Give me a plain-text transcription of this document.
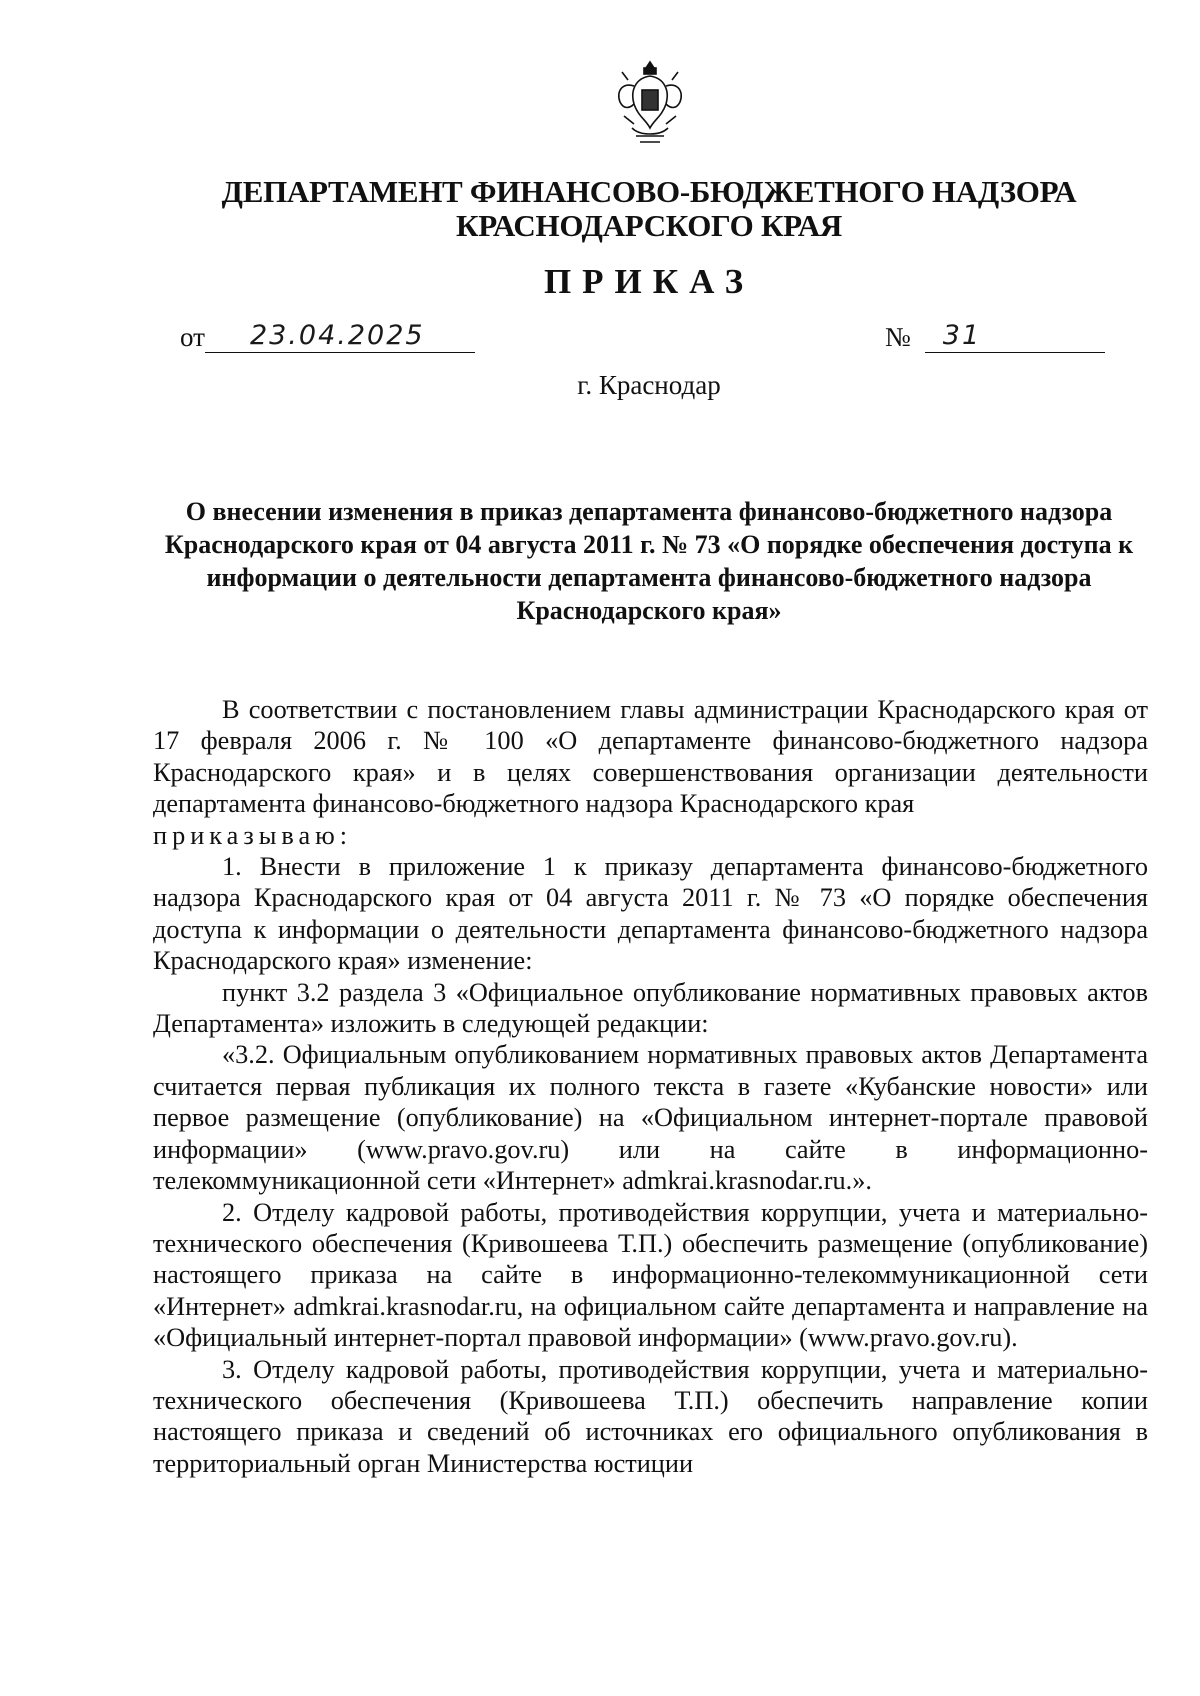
ДЕПАРТАМЕНТ ФИНАНСОВО-БЮДЖЕТНОГО НАДЗОРА
КРАСНОДАРСКОГО КРАЯ
ПРИКАЗ
от 23.04.2025	№ 31
г. Краснодар
О внесении изменения в приказ департамента финансово-бюджетного надзора Краснодарского края от 04 августа 2011 г. № 73 «О порядке обеспечения доступа к информации о деятельности департамента финансово-бюджетного надзора Краснодарского края»

В соответствии с постановлением главы администрации Краснодарского края от 17 февраля 2006 г. № 100 «О департаменте финансово-бюджетного надзора Краснодарского края» и в целях совершенствования организации деятельности департамента финансово-бюджетного надзора Краснодарского края

приказываю:

1. Внести в приложение 1 к приказу департамента финансово-бюджетного надзора Краснодарского края от 04 августа 2011 г. № 73 «О порядке обеспечения доступа к информации о деятельности департамента финансово-бюджетного надзора Краснодарского края» изменение:

пункт 3.2 раздела 3 «Официальное опубликование нормативных правовых актов Департамента» изложить в следующей редакции:

«3.2. Официальным опубликованием нормативных правовых актов Департамента считается первая публикация их полного текста в газете «Кубанские новости» или первое размещение (опубликование) на «Официальном интернет-портале правовой информации» (www.pravo.gov.ru) или на сайте в информационно-телекоммуникационной сети «Интернет» admkrai.krasnodar.ru.».

2. Отделу кадровой работы, противодействия коррупции, учета и материально-технического обеспечения (Кривошеева Т.П.) обеспечить размещение (опубликование) настоящего приказа на сайте в информационно-телекоммуникационной сети «Интернет» admkrai.krasnodar.ru, на официальном сайте департамента и направление на «Официальный интернет-портал правовой информации» (www.pravo.gov.ru).

3. Отделу кадровой работы, противодействия коррупции, учета и материально-технического обеспечения (Кривошеева Т.П.) обеспечить направление копии настоящего приказа и сведений об источниках его официального опубликования в территориальный орган Министерства юстиции
